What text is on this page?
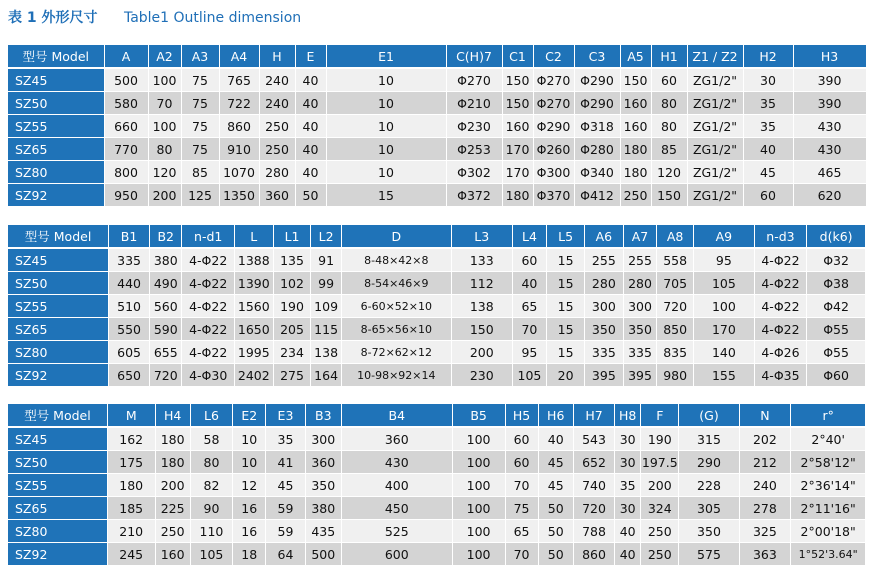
表 1 外形尺寸 Table1 Outline dimension
型号 Model	A	A2	A3	A4	H	E	E1	C(H)7	C1	C2	C3	A5	H1	Z1 / Z2	H2	H3
SZ45	500	100	75	765	240	40	10	Φ270	150	Φ270	Φ290	150	60	ZG1/2"	30	390
SZ50	580	70	75	722	240	40	10	Φ210	150	Φ270	Φ290	160	80	ZG1/2"	35	390
SZ55	660	100	75	860	250	40	10	Φ230	160	Φ290	Φ318	160	80	ZG1/2"	35	430
SZ65	770	80	75	910	250	40	10	Φ253	170	Φ260	Φ280	180	85	ZG1/2"	40	430
SZ80	800	120	85	1070	280	40	10	Φ302	170	Φ300	Φ340	180	120	ZG1/2"	45	465
SZ92	950	200	125	1350	360	50	15	Φ372	180	Φ370	Φ412	250	150	ZG1/2"	60	620
型号 Model	B1	B2	n-d1	L	L1	L2	D	L3	L4	L5	A6	A7	A8	A9	n-d3	d(k6)
SZ45	335	380	4-Φ22	1388	135	91	8-48×42×8	133	60	15	255	255	558	95	4-Φ22	Φ32
SZ50	440	490	4-Φ22	1390	102	99	8-54×46×9	112	40	15	280	280	705	105	4-Φ22	Φ38
SZ55	510	560	4-Φ22	1560	190	109	6-60×52×10	138	65	15	300	300	720	100	4-Φ22	Φ42
SZ65	550	590	4-Φ22	1650	205	115	8-65×56×10	150	70	15	350	350	850	170	4-Φ22	Φ55
SZ80	605	655	4-Φ22	1995	234	138	8-72×62×12	200	95	15	335	335	835	140	4-Φ26	Φ55
SZ92	650	720	4-Φ30	2402	275	164	10-98×92×14	230	105	20	395	395	980	155	4-Φ35	Φ60
型号 Model	M	H4	L6	E2	E3	B3	B4	B5	H5	H6	H7	H8	F	(G)	N	r°
SZ45	162	180	58	10	35	300	360	100	60	40	543	30	190	315	202	2°40'
SZ50	175	180	80	10	41	360	430	100	60	45	652	30	197.5	290	212	2°58'12"
SZ55	180	200	82	12	45	350	400	100	70	45	740	35	200	228	240	2°36'14"
SZ65	185	225	90	16	59	380	450	100	75	50	720	30	324	305	278	2°11'16"
SZ80	210	250	110	16	59	435	525	100	65	50	788	40	250	350	325	2°00'18"
SZ92	245	160	105	18	64	500	600	100	70	50	860	40	250	575	363	1°52'3.64"
